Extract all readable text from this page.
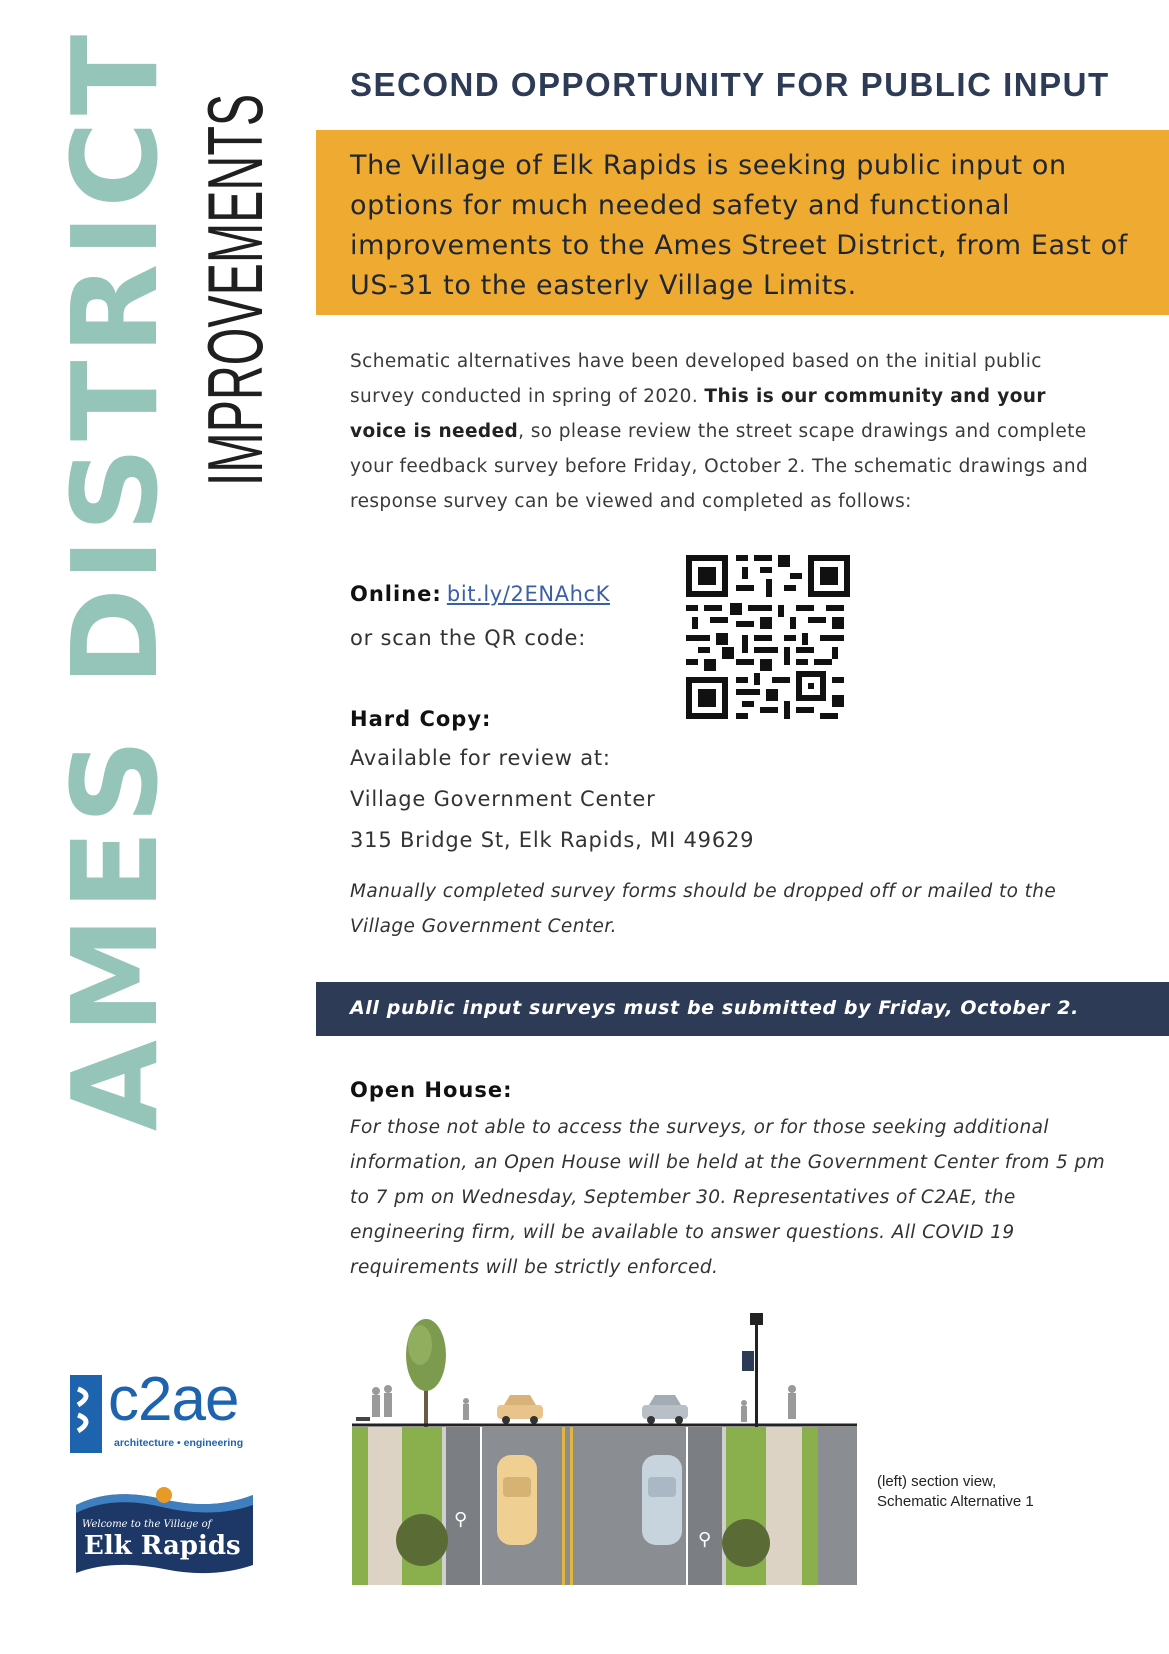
AMES DISTRICT IMPROVEMENTS
SECOND OPPORTUNITY FOR PUBLIC INPUT
The Village of Elk Rapids is seeking public input on
options for much needed safety and functional
improvements to the Ames Street District, from East of
US-31 to the easterly Village Limits.
Schematic alternatives have been developed based on the initial public survey conducted in spring of 2020. This is our community and your voice is needed, so please review the street scape drawings and complete your feedback survey before Friday, October 2. The schematic drawings and response survey can be viewed and completed as follows:
Online: bit.ly/2ENAhcK
or scan the QR code:
Hard Copy:
Available for review at:
Village Government Center
315 Bridge St, Elk Rapids, MI 49629
Manually completed survey forms should be dropped off or mailed to the Village Government Center.
All public input surveys must be submitted by Friday, October 2.
Open House:
For those not able to access the surveys, or for those seeking additional information, an Open House will be held at the Government Center from 5 pm to 7 pm on Wednesday, September 30. Representatives of C2AE, the engineering firm, will be available to answer questions. All COVID 19 requirements will be strictly enforced.
c2ae
architecture • engineering
Welcome to the Village of
Elk Rapids
⚲
⚲
(left) section view,
Schematic Alternative 1
